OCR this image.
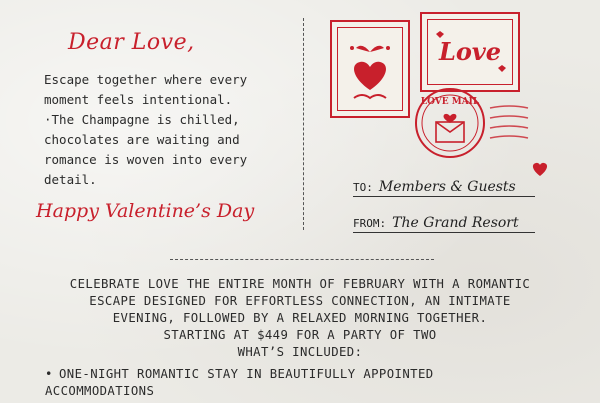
Dear Love,

Escape together where every

moment feels intentional.

·The Champagne is chilled,

chocolates are waiting and

romance is woven into every

detail.

Happy Valentine’s Day
Love
LOVE MAIL
TO: Members & Guests
FROM: The Grand Resort
CELEBRATE LOVE THE ENTIRE MONTH OF FEBRUARY WITH A ROMANTIC
ESCAPE DESIGNED FOR EFFORTLESS CONNECTION, AN INTIMATE
EVENING, FOLLOWED BY A RELAXED MORNING TOGETHER.
STARTING AT $449 FOR A PARTY OF TWO
WHAT’S INCLUDED:
• ONE-NIGHT ROMANTIC STAY IN BEAUTIFULLY APPOINTED
ACCOMMODATIONS
